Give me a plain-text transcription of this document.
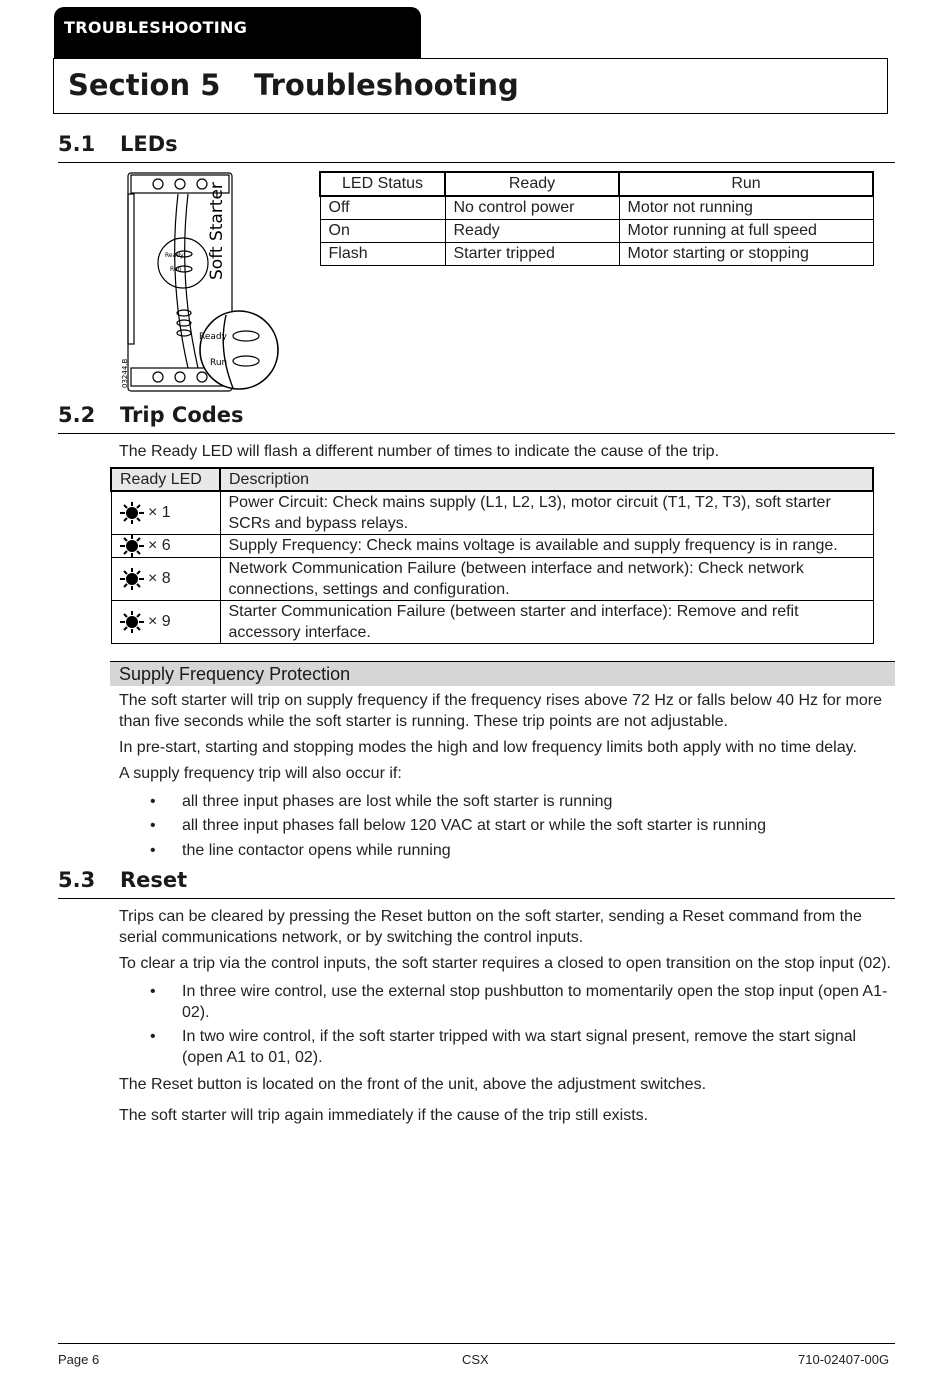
TROUBLESHOOTING
Section 5 Troubleshooting
5.1 LEDs
Soft Starter
Ready
Run
Ready
Run
03244.B
LED Status	Ready	Run
Off	No control power	Motor not running
On	Ready	Motor running at full speed
Flash	Starter tripped	Motor starting or stopping
5.2 Trip Codes
The Ready LED will flash a different number of times to indicate the cause of the trip.
Ready LED	Description
× 1	Power Circuit: Check mains supply (L1, L2, L3), motor circuit (T1, T2, T3), soft starter SCRs and bypass relays.
× 6	Supply Frequency: Check mains voltage is available and supply frequency is in range.
× 8	Network Communication Failure (between interface and network): Check network connections, settings and configuration.
× 9	Starter Communication Failure (between starter and interface): Remove and refit accessory interface.
Supply Frequency Protection
The soft starter will trip on supply frequency if the frequency rises above 72 Hz or falls below 40 Hz for more than five seconds while the soft starter is running. These trip points are not adjustable.
In pre-start, starting and stopping modes the high and low frequency limits both apply with no time delay.
A supply frequency trip will also occur if:
• all three input phases are lost while the soft starter is running
• all three input phases fall below 120 VAC at start or while the soft starter is running
• the line contactor opens while running
5.3 Reset
Trips can be cleared by pressing the Reset button on the soft starter, sending a Reset command from the serial communications network, or by switching the control inputs.
To clear a trip via the control inputs, the soft starter requires a closed to open transition on the stop input (02).
• In three wire control, use the external stop pushbutton to momentarily open the stop input (open A1-02).
• In two wire control, if the soft starter tripped with wa start signal present, remove the start signal (open A1 to 01, 02).
The Reset button is located on the front of the unit, above the adjustment switches.
The soft starter will trip again immediately if the cause of the trip still exists.
Page 6	CSX	710-02407-00G
